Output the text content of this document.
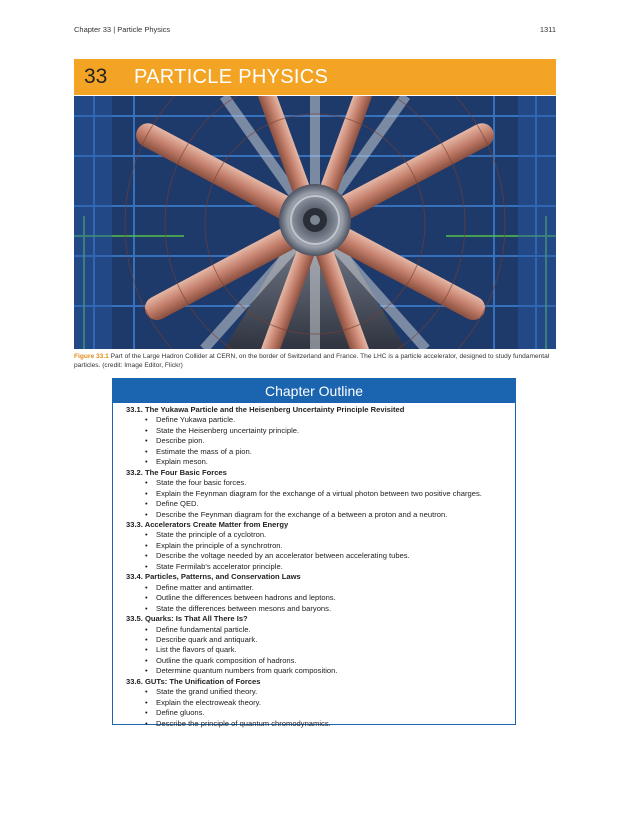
Chapter 33 | Particle Physics	1311
33	PARTICLE PHYSICS
Figure 33.1 Part of the Large Hadron Collider at CERN, on the border of Switzerland and France. The LHC is a particle accelerator, designed to study fundamental particles. (credit: Image Editor, Flickr)
Chapter Outline
33.1. The Yukawa Particle and the Heisenberg Uncertainty Principle Revisited
• Define Yukawa particle.
• State the Heisenberg uncertainty principle.
• Describe pion.
• Estimate the mass of a pion.
• Explain meson.
33.2. The Four Basic Forces
• State the four basic forces.
• Explain the Feynman diagram for the exchange of a virtual photon between two positive charges.
• Define QED.
• Describe the Feynman diagram for the exchange of a between a proton and a neutron.
33.3. Accelerators Create Matter from Energy
• State the principle of a cyclotron.
• Explain the principle of a synchrotron.
• Describe the voltage needed by an accelerator between accelerating tubes.
• State Fermilab's accelerator principle.
33.4. Particles, Patterns, and Conservation Laws
• Define matter and antimatter.
• Outline the differences between hadrons and leptons.
• State the differences between mesons and baryons.
33.5. Quarks: Is That All There Is?
• Define fundamental particle.
• Describe quark and antiquark.
• List the flavors of quark.
• Outline the quark composition of hadrons.
• Determine quantum numbers from quark composition.
33.6. GUTs: The Unification of Forces
• State the grand unified theory.
• Explain the electroweak theory.
• Define gluons.
• Describe the principle of quantum chromodynamics.
